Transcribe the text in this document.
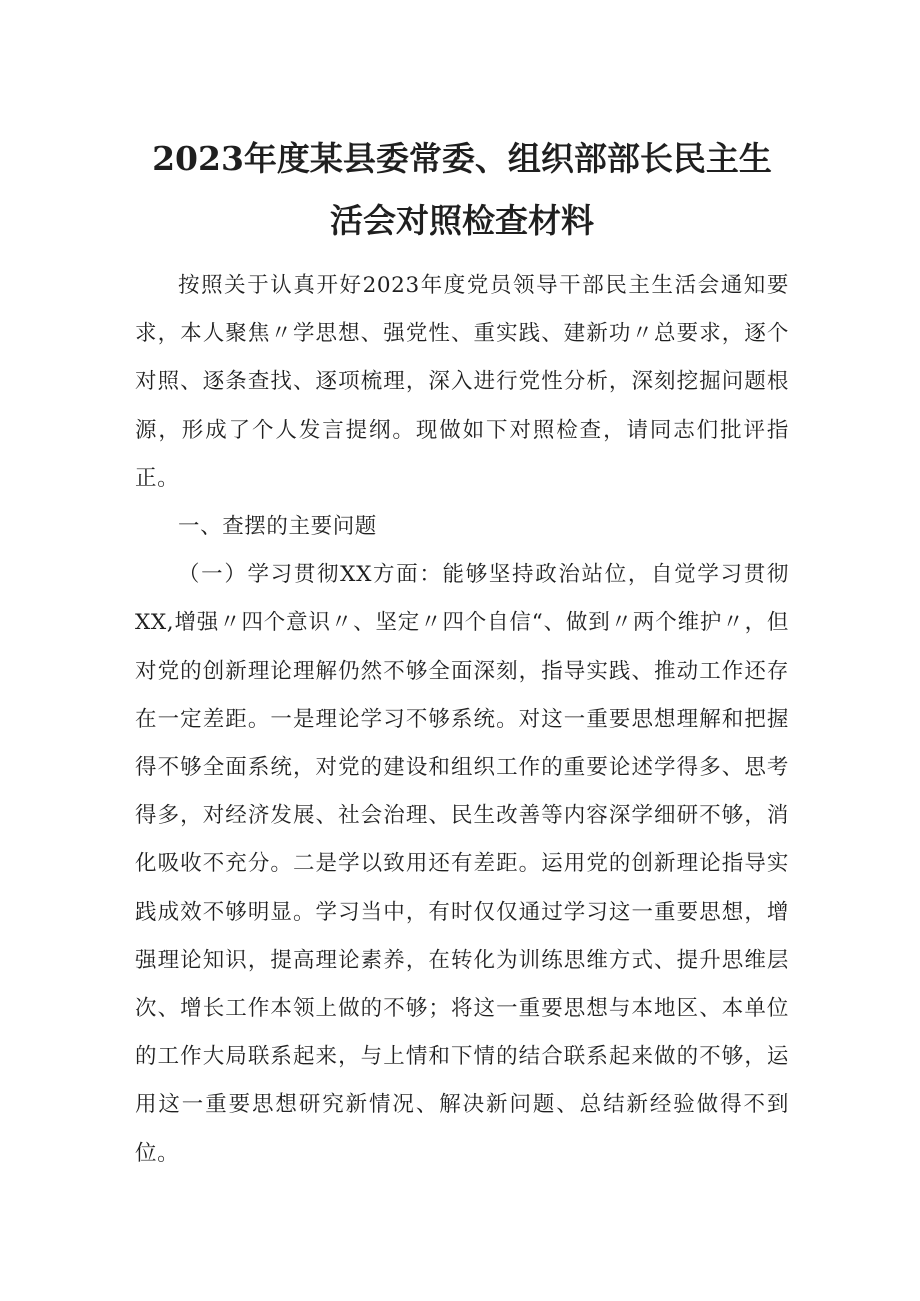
2023年度某县委常委、组织部部长民主生
活会对照检查材料

按照关于认真开好2023年度党员领导干部民主生活会通知要求，本人聚焦〃学思想、强党性、重实践、建新功〃总要求，逐个对照、逐条查找、逐项梳理，深入进行党性分析，深刻挖掘问题根源，形成了个人发言提纲。现做如下对照检查，请同志们批评指正。

一、查摆的主要问题

（一）学习贯彻XX方面：能够坚持政治站位，自觉学习贯彻XX,增强〃四个意识〃、坚定〃四个自信“、做到〃两个维护〃，但对党的创新理论理解仍然不够全面深刻，指导实践、推动工作还存在一定差距。一是理论学习不够系统。对这一重要思想理解和把握得不够全面系统，对党的建设和组织工作的重要论述学得多、思考得多，对经济发展、社会治理、民生改善等内容深学细研不够，消化吸收不充分。二是学以致用还有差距。运用党的创新理论指导实践成效不够明显。学习当中，有时仅仅通过学习这一重要思想，增强理论知识，提高理论素养，在转化为训练思维方式、提升思维层次、增长工作本领上做的不够；将这一重要思想与本地区、本单位的工作大局联系起来，与上情和下情的结合联系起来做的不够，运用这一重要思想研究新情况、解决新问题、总结新经验做得不到位。
